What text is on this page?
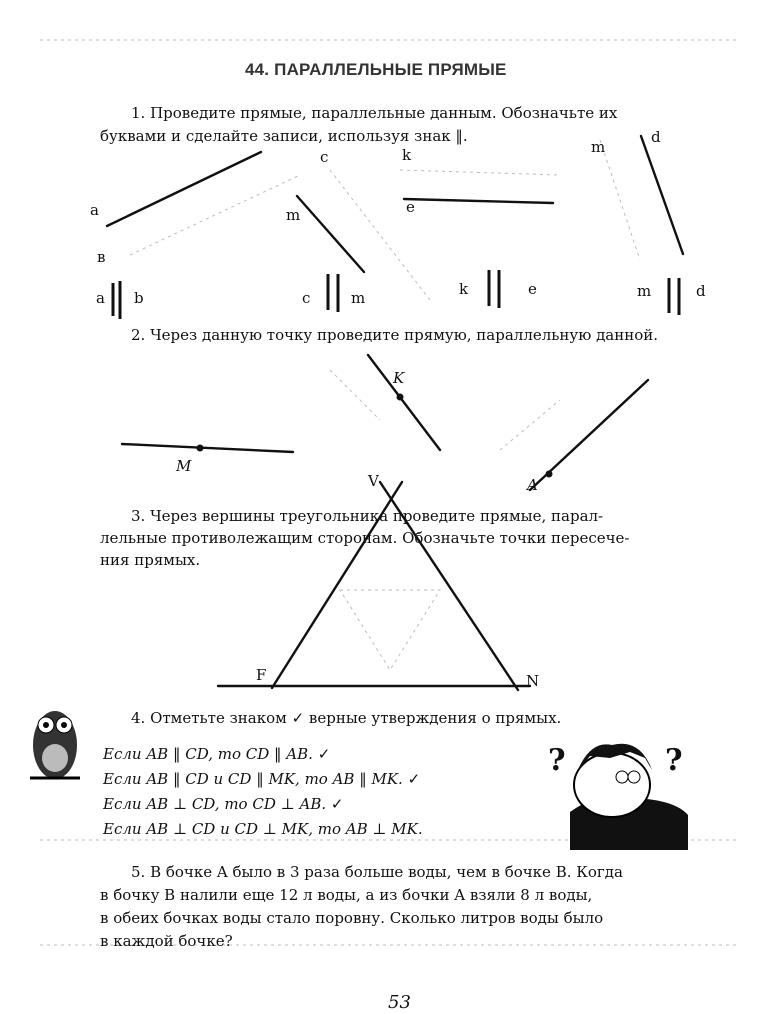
44. ПАРАЛЛЕЛЬНЫЕ ПРЯМЫЕ
1. Проведите прямые, параллельные данным. Обозначьте их
буквами и сделайте записи, используя знак ‖.
a
в
c
m
k
e
m
d
a b	c	m	k	e	m	d
K
M
A
V
F	N
?	?
2. Через данную точку проведите прямую, параллельную данной.
3. Через вершины треугольника проведите прямые, парал-
лельные противолежащим сторонам. Обозначьте точки пересече-
ния прямых.
4. Отметьте знаком ✓ верные утверждения о прямых.
Если AB ‖ CD, то CD ‖ AB. ✓
Если AB ‖ CD и CD ‖ MK, то AB ‖ MK. ✓
Если AB ⊥ CD, то CD ⊥ AB. ✓
Если AB ⊥ CD и CD ⊥ MK, то AB ⊥ MK.
5. В бочке A было в 3 раза больше воды, чем в бочке B. Когда
в бочку B налили еще 12 л воды, а из бочки A взяли 8 л воды,
в обеих бочках воды стало поровну. Сколько литров воды было
в каждой бочке?
53
